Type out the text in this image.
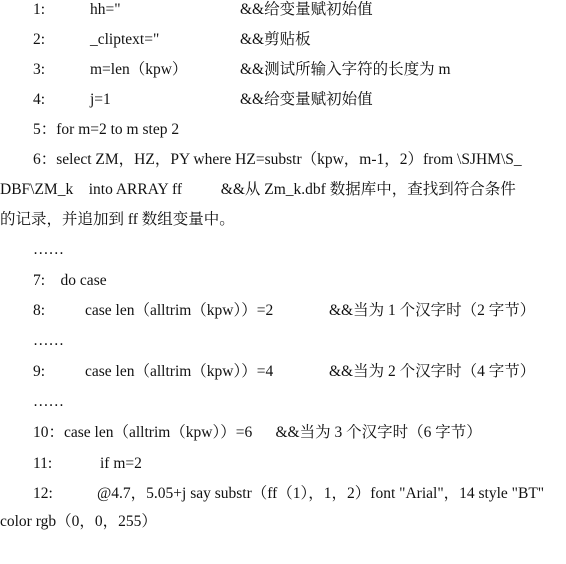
1:

	hh="

	&&给变量赋初始值

2:

	_cliptext="

	&&剪贴板

3:

	m=len（kpw）

	&&测试所输入字符的长度为 m

4:

	j=1

	&&给变量赋初始值

5：for m=2 to m step 2
6：select ZM，HZ，PY where HZ=substr（kpw，m-1，2）from \SJHM\S_
DBF\ZM_k    into ARRAY ff          &&从 Zm_k.dbf 数据库中，查找到符合条件
的记录，并追加到 ff 数组变量中。
……
7:    do case

8:

	case len（alltrim（kpw））=2

	&&当为 1 个汉字时（2 字节）

……

9:

	case len（alltrim（kpw））=4

	&&当为 2 个汉字时（4 字节）

……
10：case len（alltrim（kpw））=6      &&当为 3 个汉字时（6 字节）

11:

	if m=2

12:

	@4.7，5.05+j say substr（ff（1），1，2）font "Arial"，14 style "BT"

color rgb（0，0，255）
